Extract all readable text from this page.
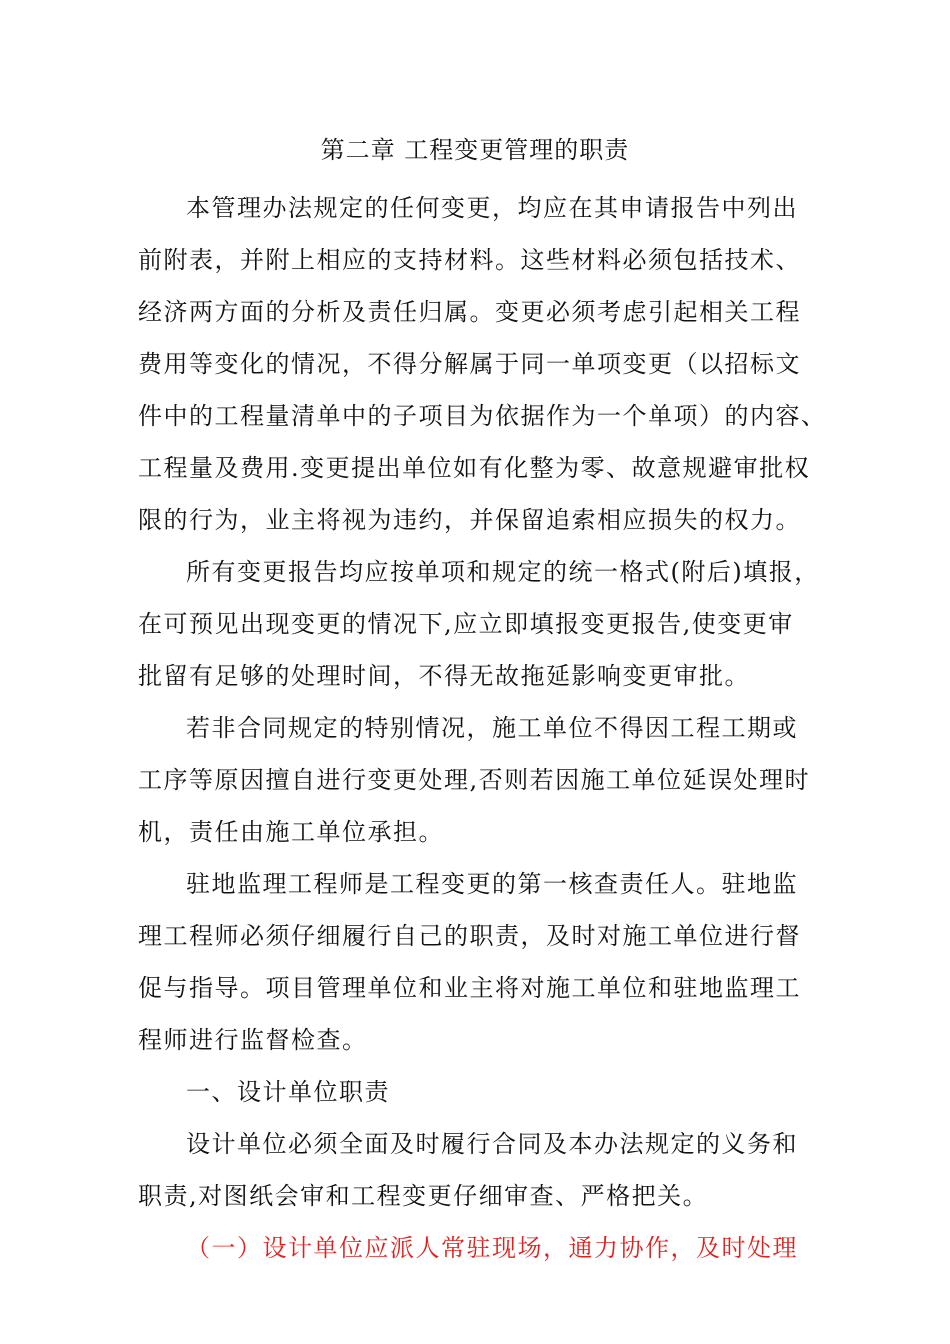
第二章 工程变更管理的职责
本管理办法规定的任何变更，均应在其申请报告中列出
前附表，并附上相应的支持材料。这些材料必须包括技术、
经济两方面的分析及责任归属。变更必须考虑引起相关工程
费用等变化的情况，不得分解属于同一单项变更（以招标文
件中的工程量清单中的子项目为依据作为一个单项）的内容、
工程量及费用.变更提出单位如有化整为零、故意规避审批权
限的行为，业主将视为违约，并保留追索相应损失的权力。
所有变更报告均应按单项和规定的统一格式(附后)填报，
在可预见出现变更的情况下,应立即填报变更报告,使变更审
批留有足够的处理时间，不得无故拖延影响变更审批。
若非合同规定的特别情况，施工单位不得因工程工期或
工序等原因擅自进行变更处理,否则若因施工单位延误处理时
机，责任由施工单位承担。
驻地监理工程师是工程变更的第一核查责任人。驻地监
理工程师必须仔细履行自己的职责，及时对施工单位进行督
促与指导。项目管理单位和业主将对施工单位和驻地监理工
程师进行监督检查。
一、设计单位职责
设计单位必须全面及时履行合同及本办法规定的义务和
职责,对图纸会审和工程变更仔细审查、严格把关。
（一）设计单位应派人常驻现场，通力协作，及时处理
